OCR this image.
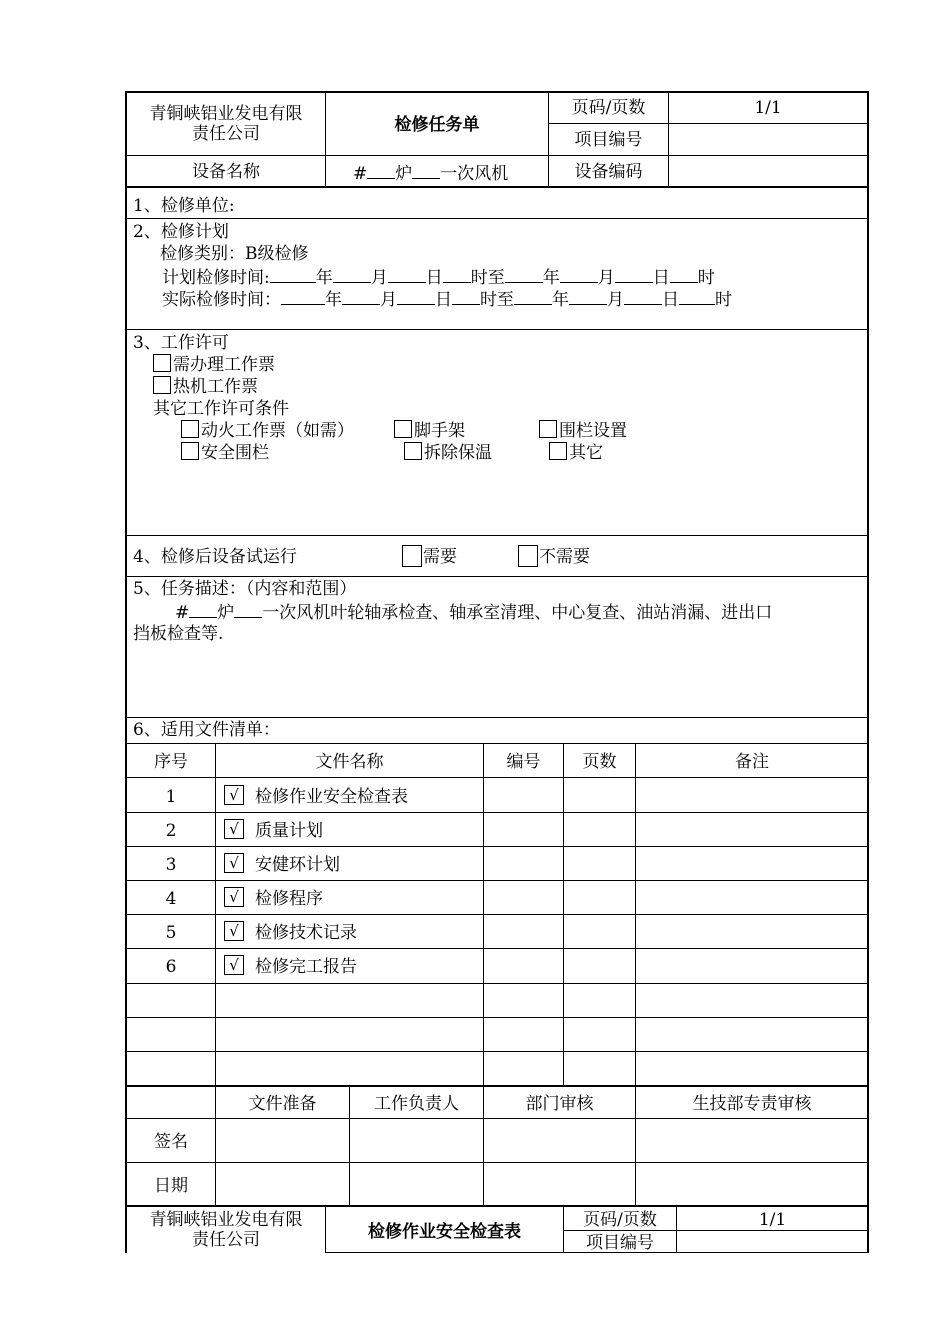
青铜峡铝业发电有限
责任公司	检修任务单
页码/页数	1/1
项目编号
设备名称	# 炉 一次风机	设备编码
1、检修单位:
2、检修计划
检修类别：B级检修
计划检修时间:	年 月 日 时至 年 月 日 时
实际检修时间：	年 月 日 时至 年 月 日 时
3、工作许可
需办理工作票
热机工作票
其它工作许可条件
动火工作票（如需）	脚手架	围栏设置
安全围栏	拆除保温	其它
4、检修后设备试运行	需要	不需要
5、任务描述：（内容和范围）
# 炉 一次风机叶轮轴承检查、轴承室清理、中心复查、油站消漏、进出口
挡板检查等.
6、适用文件清单：
序号	文件名称	编号	页数	备注
1	√ 检修作业安全检查表
2	√ 质量计划
3	√ 安健环计划
4	√ 检修程序
5	√ 检修技术记录
6	√ 检修完工报告
文件准备	工作负责人	部门审核	生技部专责审核
签名
日期
青铜峡铝业发电有限
责任公司	检修作业安全检查表
页码/页数	1/1
项目编号
